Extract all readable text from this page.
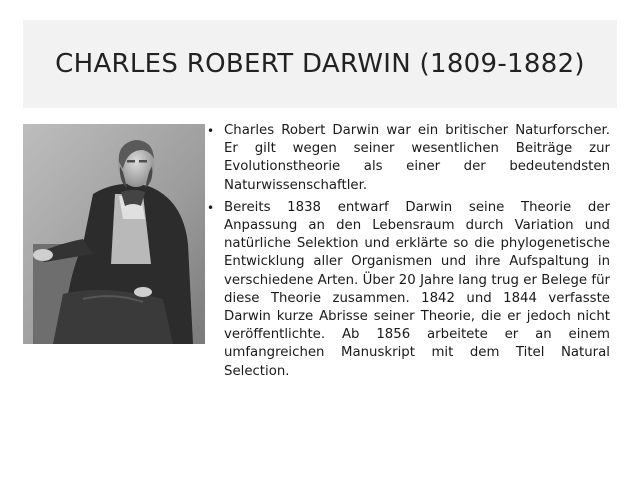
CHARLES ROBERT DARWIN (1809-1882)
• Charles Robert Darwin war ein britischer Naturforscher. Er gilt wegen seiner wesentlichen Beiträge zur Evolutionstheorie als einer der bedeutendsten Naturwissenschaftler.
• Bereits 1838 entwarf Darwin seine Theorie der Anpassung an den Lebensraum durch Variation und natürliche Selektion und erklärte so die phylogenetische Entwicklung aller Organismen und ihre Aufspaltung in verschiedene Arten. Über 20 Jahre lang trug er Belege für diese Theorie zusammen. 1842 und 1844 verfasste Darwin kurze Abrisse seiner Theorie, die er jedoch nicht veröffentlichte. Ab 1856 arbeitete er an einem umfangreichen Manuskript mit dem Titel Natural Selection.
